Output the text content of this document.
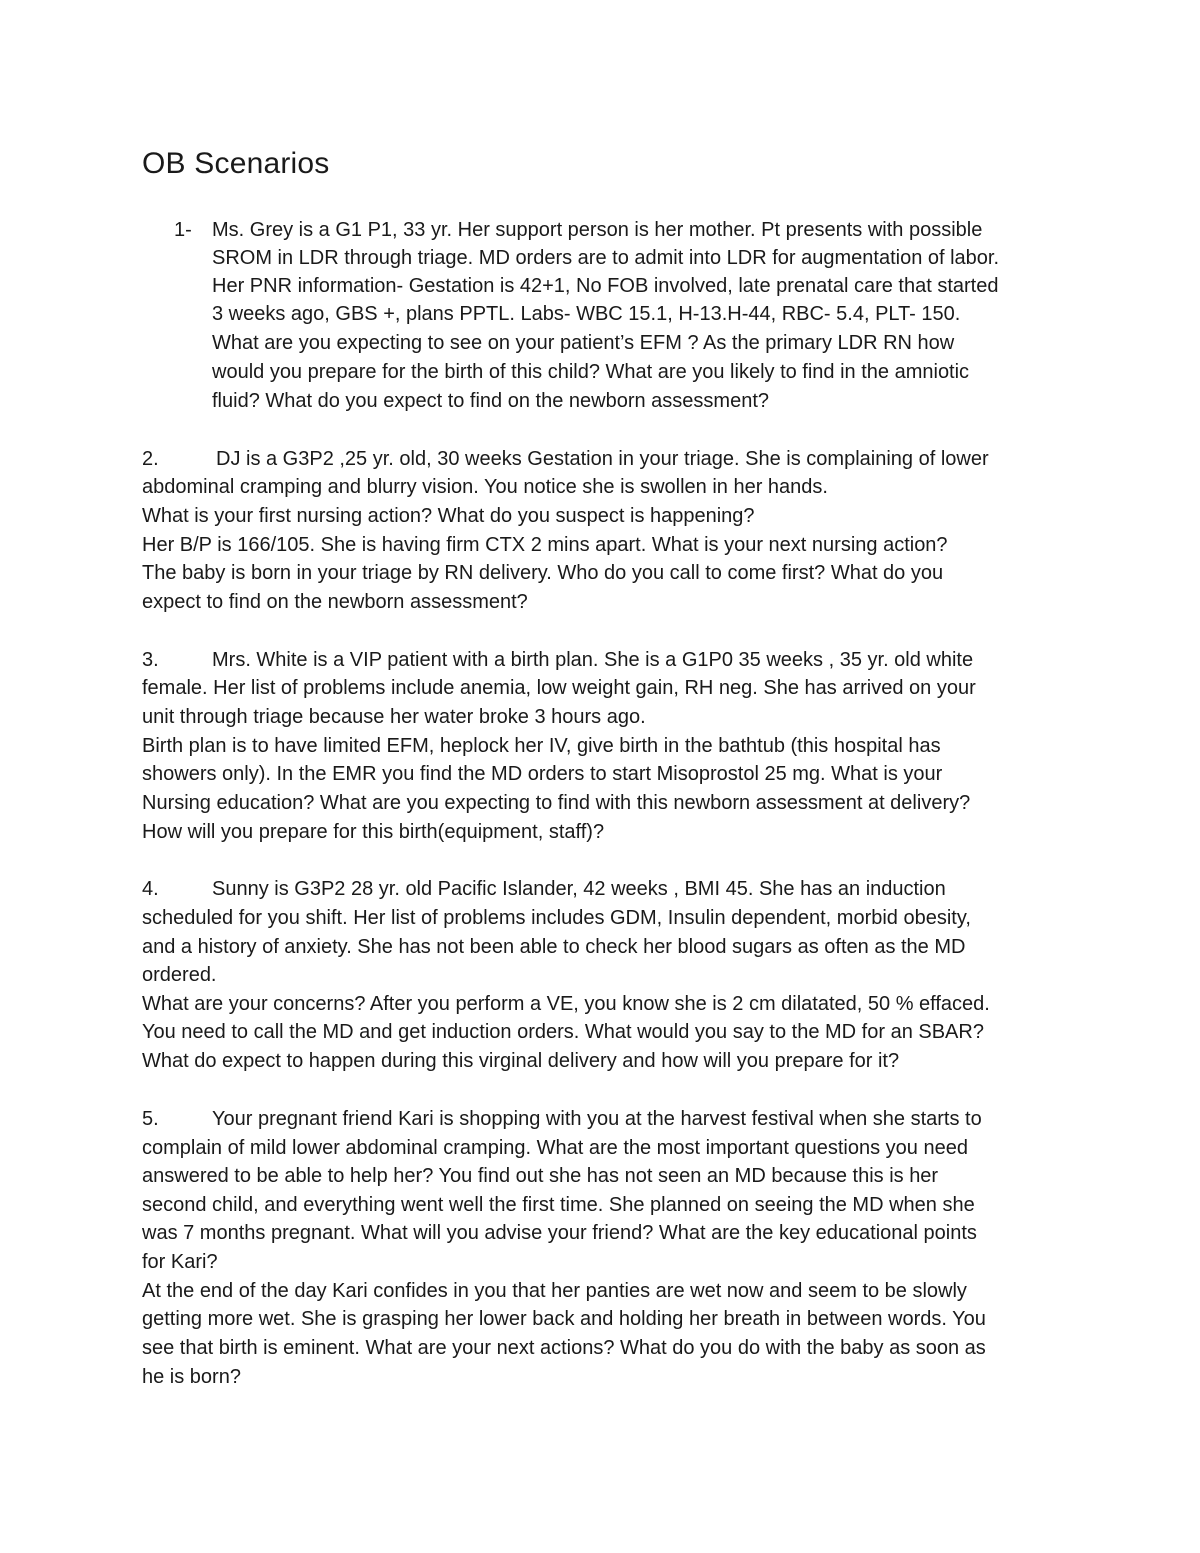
OB Scenarios
1- Ms. Grey is a G1 P1, 33 yr. Her support person is her mother. Pt presents with possible

SROM in LDR through triage. MD orders are to admit into LDR for augmentation of labor.

Her PNR information- Gestation is 42+1, No FOB involved, late prenatal care that started

3 weeks ago, GBS +, plans PPTL. Labs- WBC 15.1, H-13.H-44, RBC- 5.4, PLT- 150.

What are you expecting to see on your patient’s EFM ? As the primary LDR RN how

would you prepare for the birth of this child? What are you likely to find in the amniotic

fluid? What do you expect to find on the newborn assessment?

2.	DJ is a G3P2 ,25 yr. old, 30 weeks Gestation in your triage. She is complaining of lower

abdominal cramping and blurry vision. You notice she is swollen in her hands.

What is your first nursing action? What do you suspect is happening?

Her B/P is 166/105. She is having firm CTX 2 mins apart. What is your next nursing action?

The baby is born in your triage by RN delivery. Who do you call to come first? What do you

expect to find on the newborn assessment?

3.	Mrs. White is a VIP patient with a birth plan. She is a G1P0 35 weeks , 35 yr. old white

female. Her list of problems include anemia, low weight gain, RH neg. She has arrived on your

unit through triage because her water broke 3 hours ago.

Birth plan is to have limited EFM, heplock her IV, give birth in the bathtub (this hospital has

showers only). In the EMR you find the MD orders to start Misoprostol 25 mg. What is your

Nursing education? What are you expecting to find with this newborn assessment at delivery?

How will you prepare for this birth(equipment, staff)?

4.	Sunny is G3P2 28 yr. old Pacific Islander, 42 weeks , BMI 45. She has an induction

scheduled for you shift. Her list of problems includes GDM, Insulin dependent, morbid obesity,

and a history of anxiety. She has not been able to check her blood sugars as often as the MD

ordered.

What are your concerns? After you perform a VE, you know she is 2 cm dilatated, 50 % effaced.

You need to call the MD and get induction orders. What would you say to the MD for an SBAR?

What do expect to happen during this virginal delivery and how will you prepare for it?

5.	Your pregnant friend Kari is shopping with you at the harvest festival when she starts to

complain of mild lower abdominal cramping. What are the most important questions you need

answered to be able to help her? You find out she has not seen an MD because this is her

second child, and everything went well the first time. She planned on seeing the MD when she

was 7 months pregnant. What will you advise your friend? What are the key educational points

for Kari?

At the end of the day Kari confides in you that her panties are wet now and seem to be slowly

getting more wet. She is grasping her lower back and holding her breath in between words. You

see that birth is eminent. What are your next actions? What do you do with the baby as soon as

he is born?
